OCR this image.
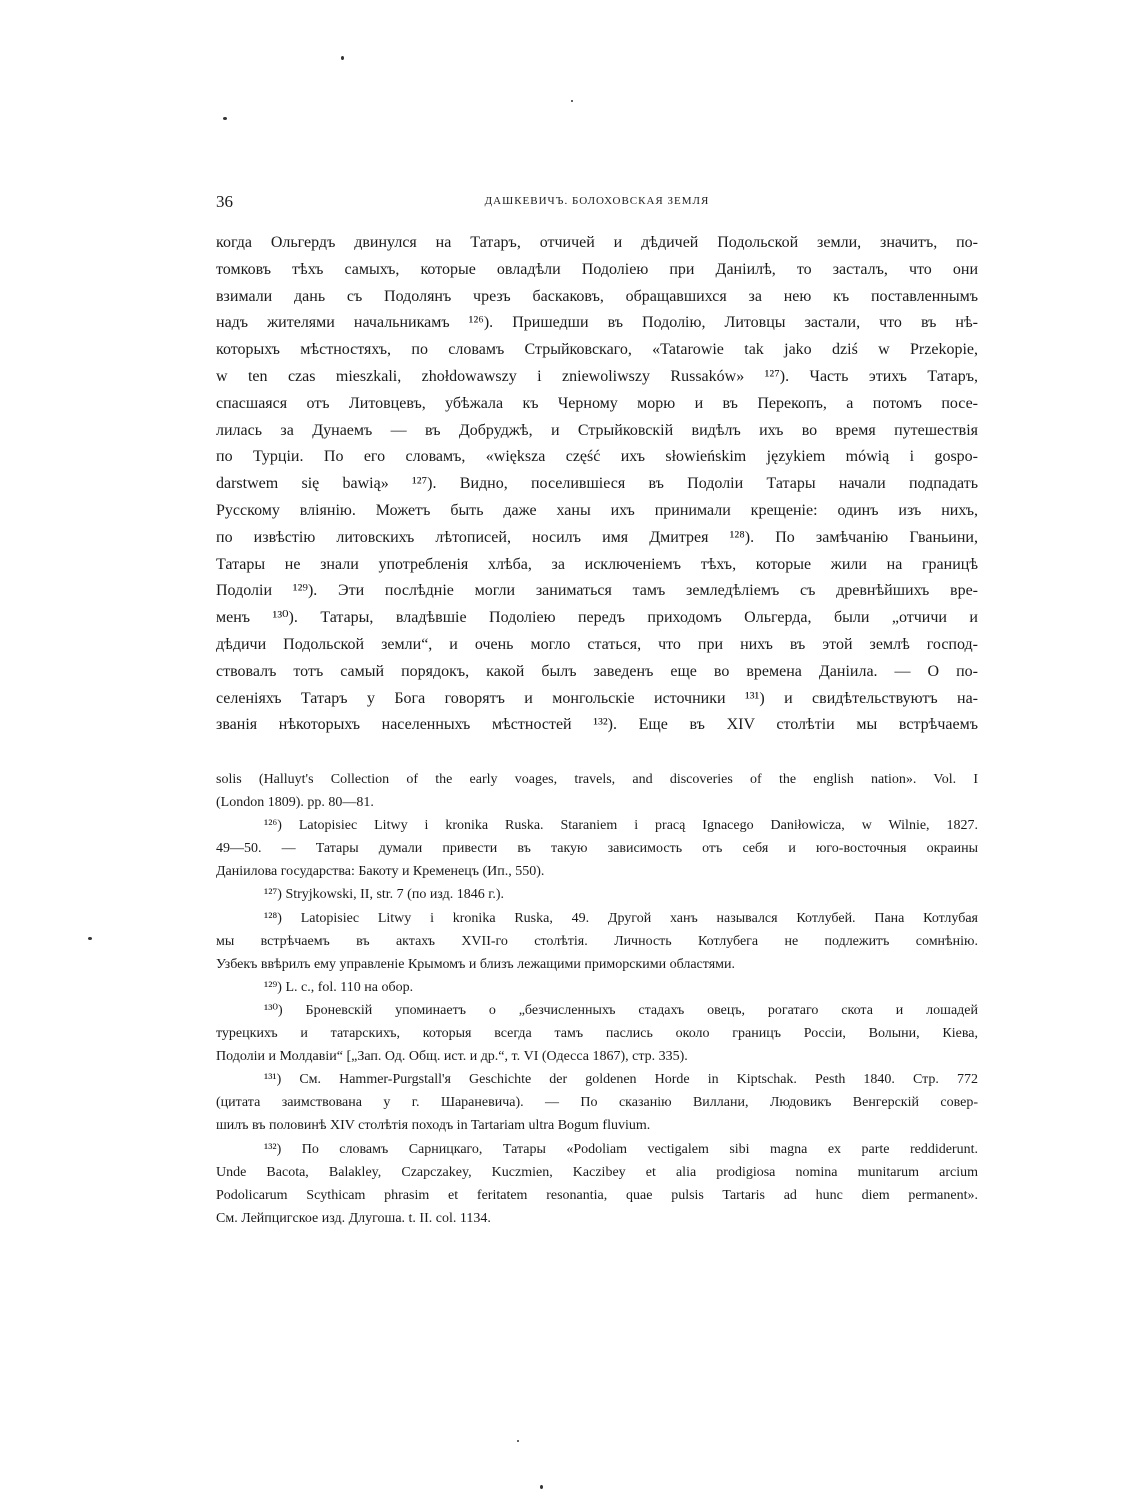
36	ДАШКЕВИЧЪ. БОЛОХОВСКАЯ ЗЕМЛЯ
когда Ольгердъ двинулся на Татаръ, отчичей и дѣдичей Подольской земли, значитъ, по-
томковъ тѣхъ самыхъ, которые овладѣли Подоліею при Даніилѣ, то засталъ, что они
взимали дань съ Подолянъ чрезъ баскаковъ, обращавшихся за нею къ поставленнымъ
надъ жителями начальникамъ ¹²⁶). Пришедши въ Подолію, Литовцы застали, что въ нѣ-
которыхъ мѣстностяхъ, по словамъ Стрыйковскаго, «Tatarowie tak jako dziś w Przekopie,
w ten czas mieszkali, zhołdowawszy i zniewoliwszy Russaków» ¹²⁷). Часть этихъ Татаръ,
спасшаяся отъ Литовцевъ, убѣжала къ Черному морю и въ Перекопъ, а потомъ посе-
лилась за Дунаемъ — въ Добруджѣ, и Стрыйковскій видѣлъ ихъ во время путешествія
по Турціи. По его словамъ, «większa część ихъ słowieńskim językiem mówią i gospo-
darstwem się bawią» ¹²⁷). Видно, поселившіеся въ Подоліи Татары начали подпадать
Русскому вліянію. Можетъ быть даже ханы ихъ принимали крещеніе: одинъ изъ нихъ,
по извѣстію литовскихъ лѣтописей, носилъ имя Дмитрея ¹²⁸). По замѣчанію Гваньини,
Татары не знали употребленія хлѣба, за исключеніемъ тѣхъ, которые жили на границѣ
Подоліи ¹²⁹). Эти послѣдніе могли заниматься тамъ земледѣліемъ съ древнѣйшихъ вре-
менъ ¹³⁰). Татары, владѣвшіе Подоліею передъ приходомъ Ольгерда, были „отчичи и
дѣдичи Подольской земли“, и очень могло статься, что при нихъ въ этой землѣ господ-
ствовалъ тотъ самый порядокъ, какой былъ заведенъ еще во времена Даніила. — О по-
селеніяхъ Татаръ у Бога говорятъ и монгольскіе источники ¹³¹) и свидѣтельствуютъ на-
званія нѣкоторыхъ населенныхъ мѣстностей ¹³²). Еще въ XIV столѣтіи мы встрѣчаемъ
solis (Halluyt's Collection of the early voages, travels, and discoveries of the english nation». Vol. I
(London 1809). pp. 80—81.
¹²⁶) Latopisiec Litwy i kronika Ruska. Staraniem i pracą Ignacego Daniłowicza, w Wilnie, 1827.
49—50. — Татары думали привести въ такую зависимость отъ себя и юго-восточныя окраины
Даніилова государства: Бакоту и Кременецъ (Ип., 550).
¹²⁷) Stryjkowski, II, str. 7 (по изд. 1846 г.).
¹²⁸) Latopisiec Litwy i kronika Ruska, 49. Другой ханъ назывался Котлубей. Пана Котлубая
мы встрѣчаемъ въ актахъ XVII-го столѣтія. Личность Котлубега не подлежитъ сомнѣнію.
Узбекъ ввѣрилъ ему управленіе Крымомъ и близъ лежащими приморскими областями.
¹²⁹) L. c., fol. 110 на обор.
¹³⁰) Броневскій упоминаетъ о „безчисленныхъ стадахъ овецъ, рогатаго скота и лошадей
турецкихъ и татарскихъ, которыя всегда тамъ паслись около границъ Россіи, Волыни, Кіева,
Подоліи и Молдавіи“ [„Зап. Од. Общ. ист. и др.“, т. VI (Одесса 1867), стр. 335).
¹³¹) См. Hammer-Purgstall'я Geschichte der goldenen Horde in Kiptschak. Pesth 1840. Стр. 772
(цитата заимствована у г. Шараневича). — По сказанію Виллани, Людовикъ Венгерскій совер-
шилъ въ половинѣ XIV столѣтія походъ in Tartariam ultra Bogum fluvium.
¹³²) По словамъ Сарницкаго, Татары «Podoliam vectigalem sibi magna ex parte reddiderunt.
Unde Bacota, Balakley, Czapczakey, Kuczmien, Kaczibey et alia prodigiosa nomina munitarum arcium
Podolicarum Scythicam phrasim et feritatem resonantia, quae pulsis Tartaris ad hunc diem permanent».
См. Лейпцигское изд. Длугоша. t. II. col. 1134.
